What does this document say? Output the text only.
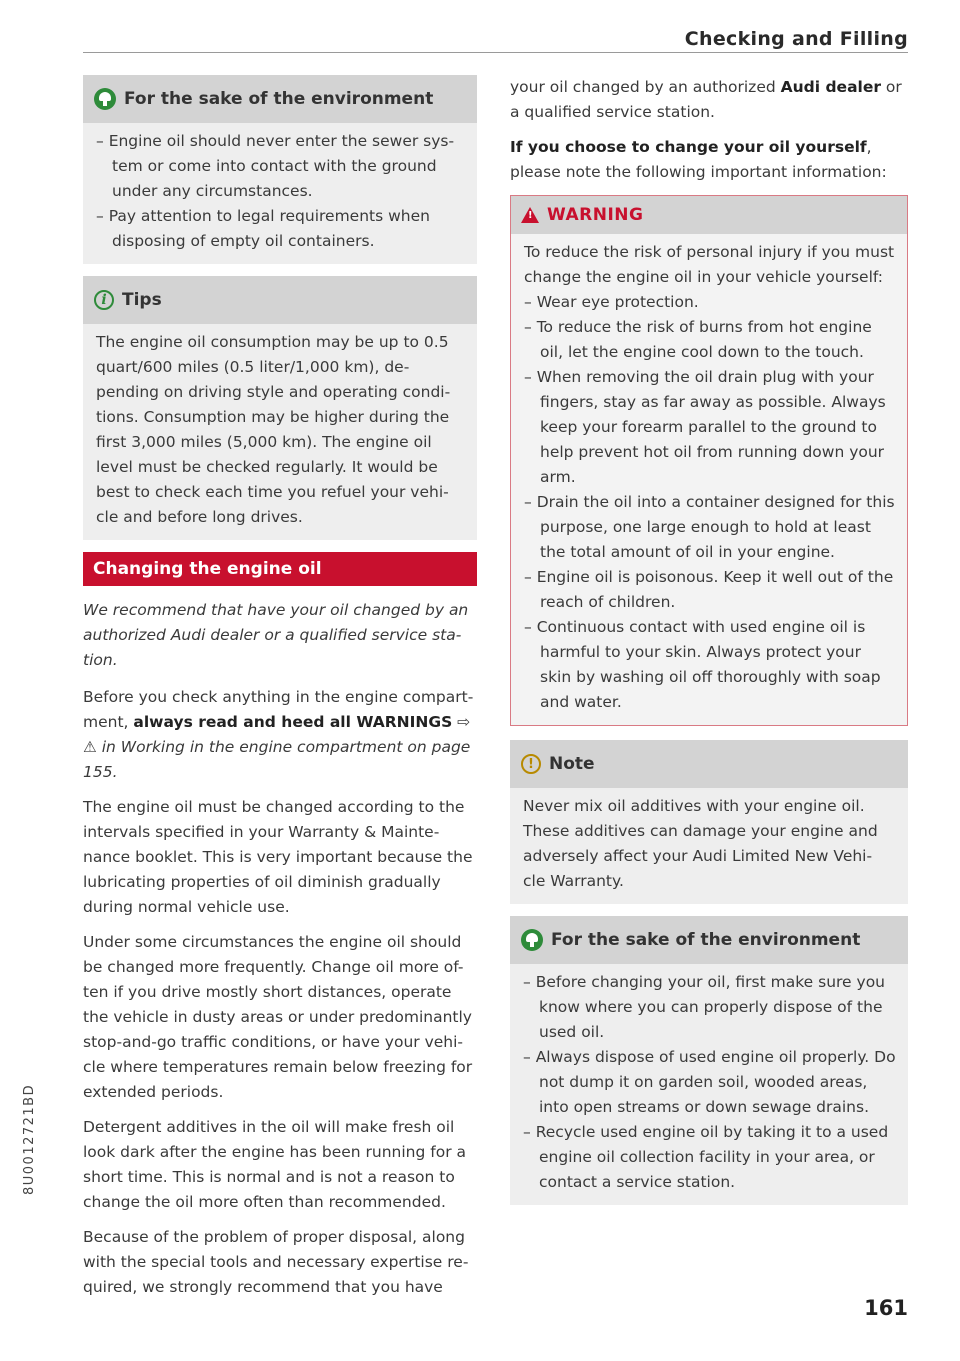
Checking and Filling
For the sake of the environment
– Engine oil should never enter the sewer sys- tem or come into contact with the ground under any circumstances.
– Pay attention to legal requirements when disposing of empty oil containers.
i Tips

The engine oil consumption may be up to 0.5 quart/600 miles (0.5 liter/1,000 km), de- pending on driving style and operating condi- tions. Consumption may be higher during the first 3,000 miles (5,000 km). The engine oil level must be checked regularly. It would be best to check each time you refuel your vehi- cle and before long drives.

Changing the engine oil

We recommend that have your oil changed by an authorized Audi dealer or a qualified service sta- tion.

Before you check anything in the engine compart- ment, always read and heed all WARNINGS ⇨ ⚠ in Working in the engine compartment on page 155.

The engine oil must be changed according to the intervals specified in your Warranty & Mainte- nance booklet. This is very important because the lubricating properties of oil diminish gradually during normal vehicle use.

Under some circumstances the engine oil should be changed more frequently. Change oil more of- ten if you drive mostly short distances, operate the vehicle in dusty areas or under predominantly stop-and-go traffic conditions, or have your vehi- cle where temperatures remain below freezing for extended periods.

Detergent additives in the oil will make fresh oil look dark after the engine has been running for a short time. This is normal and is not a reason to change the oil more often than recommended.

Because of the problem of proper disposal, along with the special tools and necessary expertise re- quired, we strongly recommend that you have

your oil changed by an authorized Audi dealer or a qualified service station.

If you choose to change your oil yourself, please note the following important information:

!
WARNING

To reduce the risk of personal injury if you must change the engine oil in your vehicle yourself:

– Wear eye protection.
– To reduce the risk of burns from hot engine oil, let the engine cool down to the touch.
– When removing the oil drain plug with your fingers, stay as far away as possible. Always keep your forearm parallel to the ground to help prevent hot oil from running down your arm.
– Drain the oil into a container designed for this purpose, one large enough to hold at least the total amount of oil in your engine.
– Engine oil is poisonous. Keep it well out of the reach of children.
– Continuous contact with used engine oil is harmful to your skin. Always protect your skin by washing oil off thoroughly with soap and water.
! Note

Never mix oil additives with your engine oil. These additives can damage your engine and adversely affect your Audi Limited New Vehi- cle Warranty.

For the sake of the environment
– Before changing your oil, first make sure you know where you can properly dispose of the used oil.
– Always dispose of used engine oil properly. Do not dump it on garden soil, wooded areas, into open streams or down sewage drains.
– Recycle used engine oil by taking it to a used engine oil collection facility in your area, or contact a service station.
8U0012721BD
161
